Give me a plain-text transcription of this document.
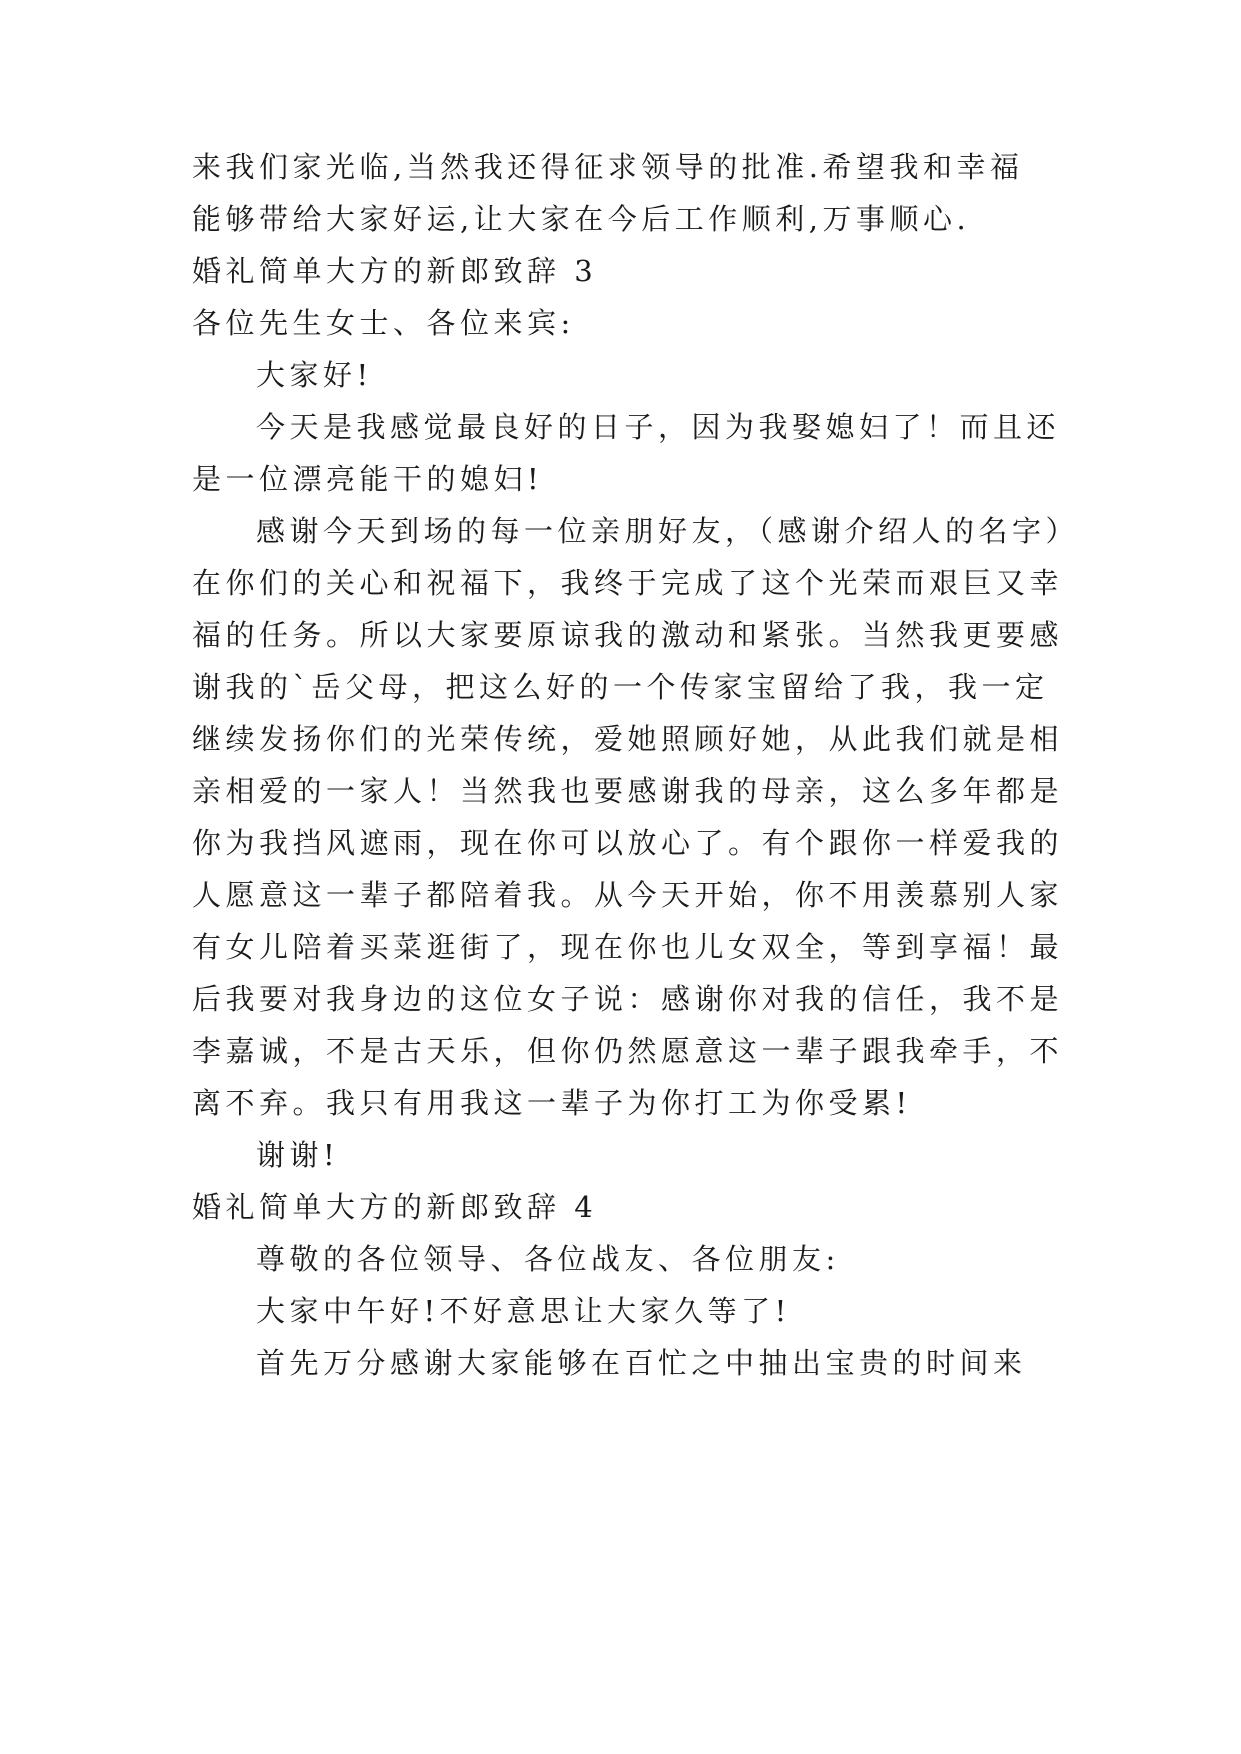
来我们家光临,当然我还得征求领导的批准.希望我和幸福

能够带给大家好运,让大家在今后工作顺利,万事顺心.

婚礼简单大方的新郎致辞 3

各位先生女士、各位来宾:

大家好!

今天是我感觉最良好的日子，因为我娶媳妇了！而且还

是一位漂亮能干的媳妇!

感谢今天到场的每一位亲朋好友，（感谢介绍人的名字）

在你们的关心和祝福下，我终于完成了这个光荣而艰巨又幸

福的任务。所以大家要原谅我的激动和紧张。当然我更要感

谢我的`岳父母，把这么好的一个传家宝留给了我，我一定

继续发扬你们的光荣传统，爱她照顾好她，从此我们就是相

亲相爱的一家人！当然我也要感谢我的母亲，这么多年都是

你为我挡风遮雨，现在你可以放心了。有个跟你一样爱我的

人愿意这一辈子都陪着我。从今天开始，你不用羡慕别人家

有女儿陪着买菜逛街了，现在你也儿女双全，等到享福！最

后我要对我身边的这位女子说：感谢你对我的信任，我不是

李嘉诚，不是古天乐，但你仍然愿意这一辈子跟我牵手，不

离不弃。我只有用我这一辈子为你打工为你受累!

谢谢!

婚礼简单大方的新郎致辞 4

尊敬的各位领导、各位战友、各位朋友:

大家中午好!不好意思让大家久等了!

首先万分感谢大家能够在百忙之中抽出宝贵的时间来
